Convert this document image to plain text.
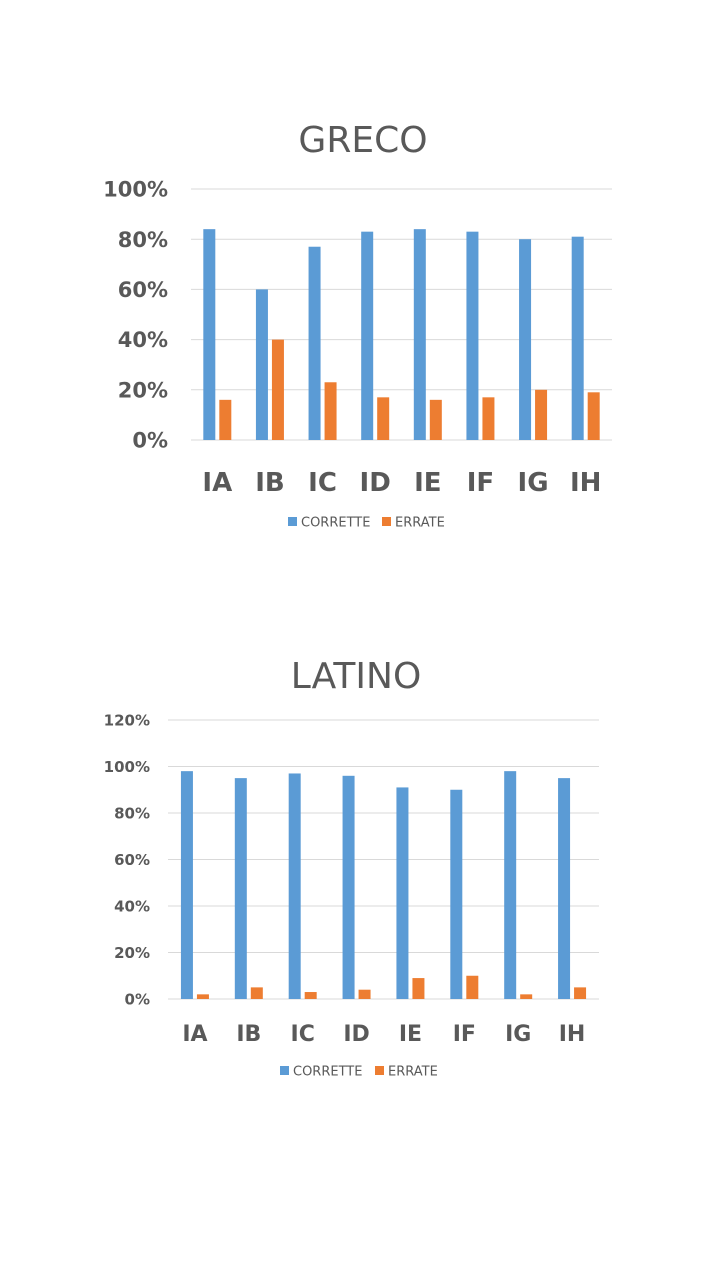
GRECO
0%
20%
40%
60%
80%
100%
IA IB IC ID IE IF IG IH
CORRETTE ERRATE
LATINO
0%
20%
40%
60%
80%
100%
120%
IA IB IC ID IE IF IG IH
CORRETTE ERRATE
